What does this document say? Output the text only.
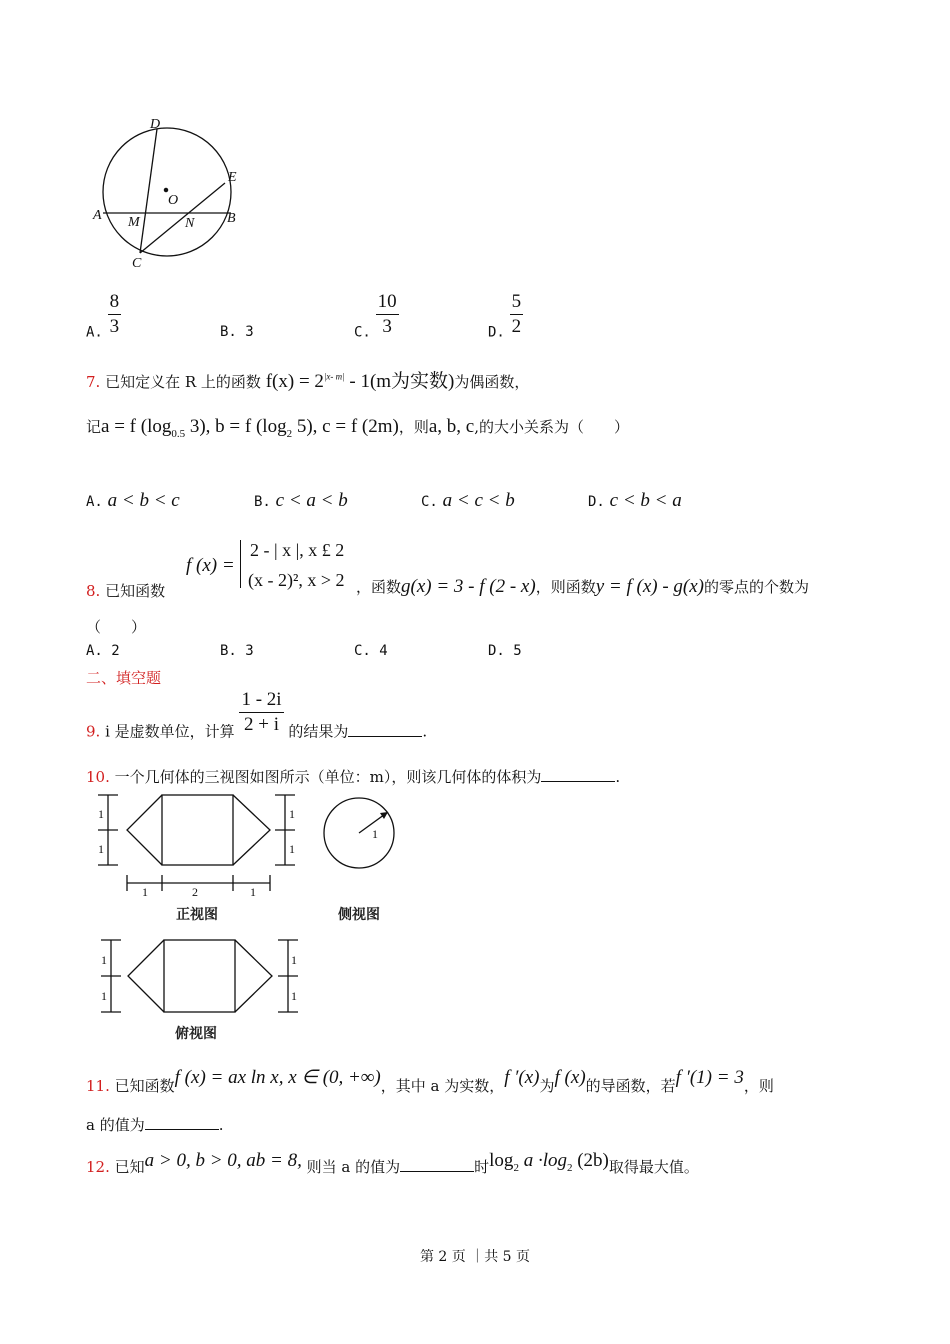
D
O
E
A M	N B
C
A. $\frac{8}{3}$	B. 3	C. $\frac{10}{3}$	D. $\frac{5}{2}$
7. 已知定义在 R 上的函数 $f(x) = 2^{|x- m|} - 1(m$为实数)为偶函数，
记a = f ($\log_{0.5}$ 3), b = f ($\log_2$ 5), c = f (2m)，则a, b, c,的大小关系为（　　）
A. a < b < c	B. c < a < b	C. a < c < b	D. c < b < a
8. 已知函数
f (x) =
2 - | x |, x £ 2
(x - 2)², x > 2 ，函数g(x) = 3 - f (2 - x)，则函数y = f (x) - g(x)的零点的个数为
（　　）
A. 2	B. 3	C. 4	D. 5
二、填空题
9. i 是虚数单位，计算 $\frac{1 - 2i}{2 + i}$ 的结果为	.
10. 一个几何体的三视图如图所示（单位：m），则该几何体的体积为	.
1
1
1
1
1	2	1
1
1
1
1
1
正视图	侧视图
俯视图
11. 已知函数f (x) = ax ln x, x ∈ (0, +∞)，其中 a 为实数，f ′(x)为f (x)的导函数，若f ′(1) = 3，则
a 的值为	.
12. 已知a > 0, b > 0, ab = 8, 则当 a 的值为	时$\log_2 a \cdot\log_2$ (2b)取得最大值。
第 2 页 ｜共 5 页
